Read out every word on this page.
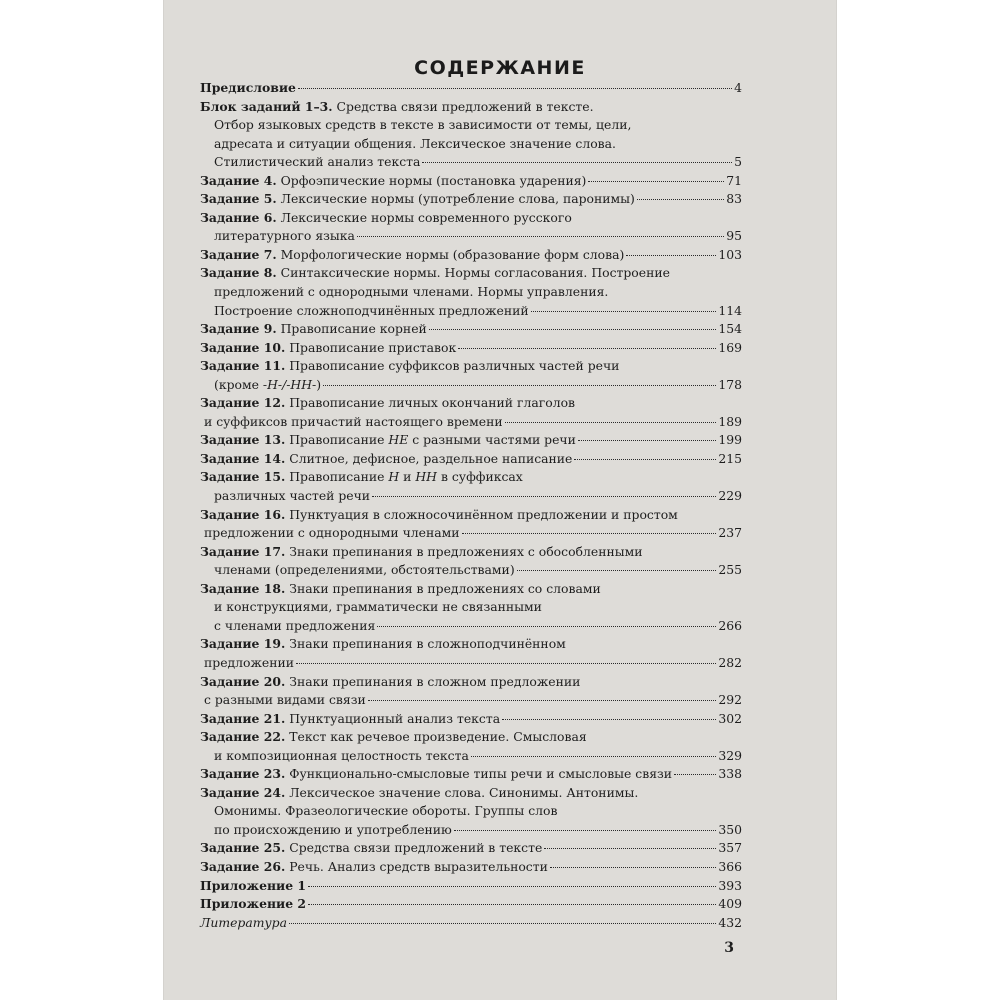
СОДЕРЖАНИЕ
Предисловие	4
Блок заданий 1–3.
Средства связи предложений в тексте.
Отбор языковых средств в тексте в зависимости от темы, цели,
адресата и ситуации общения. Лексическое значение слова.
Стилистический анализ текста	5
Задание 4.
Орфоэпические нормы (постановка ударения)	71
Задание 5.
Лексические нормы (употребление слова, паронимы)	83
Задание 6.
Лексические нормы современного русского
литературного языка	95
Задание 7.
Морфологические нормы (образование форм слова)	103
Задание 8.
Синтаксические нормы. Нормы согласования. Построение
предложений с однородными членами. Нормы управления.
Построение сложноподчинённых предложений	114
Задание 9.
Правописание корней	154
Задание 10.
Правописание приставок	169
Задание 11.
Правописание суффиксов различных частей речи
(кроме -Н-/-НН-)	178
Задание 12.
Правописание личных окончаний глаголов
и суффиксов причастий настоящего времени	189
Задание 13.
Правописание НЕ с разными частями речи	199
Задание 14.
Слитное, дефисное, раздельное написание	215
Задание 15.
Правописание Н и НН в суффиксах
различных частей речи	229
Задание 16.
Пунктуация в сложносочинённом предложении и простом
предложении с однородными членами	237
Задание 17.
Знаки препинания в предложениях с обособленными
членами (определениями, обстоятельствами)	255
Задание 18.
Знаки препинания в предложениях со словами
и конструкциями, грамматически не связанными
с членами предложения	266
Задание 19.
Знаки препинания в сложноподчинённом
предложении	282
Задание 20.
Знаки препинания в сложном предложении
с разными видами связи	292
Задание 21.
Пунктуационный анализ текста	302
Задание 22.
Текст как речевое произведение. Смысловая
и композиционная целостность текста	329
Задание 23.
Функционально-смысловые типы речи и смысловые связи	338
Задание 24.
Лексическое значение слова. Синонимы. Антонимы.
Омонимы. Фразеологические обороты. Группы слов
по происхождению и употреблению	350
Задание 25.
Средства связи предложений в тексте	357
Задание 26.
Речь. Анализ средств выразительности	366
Приложение 1	393
Приложение 2	409
Литература	432
3
